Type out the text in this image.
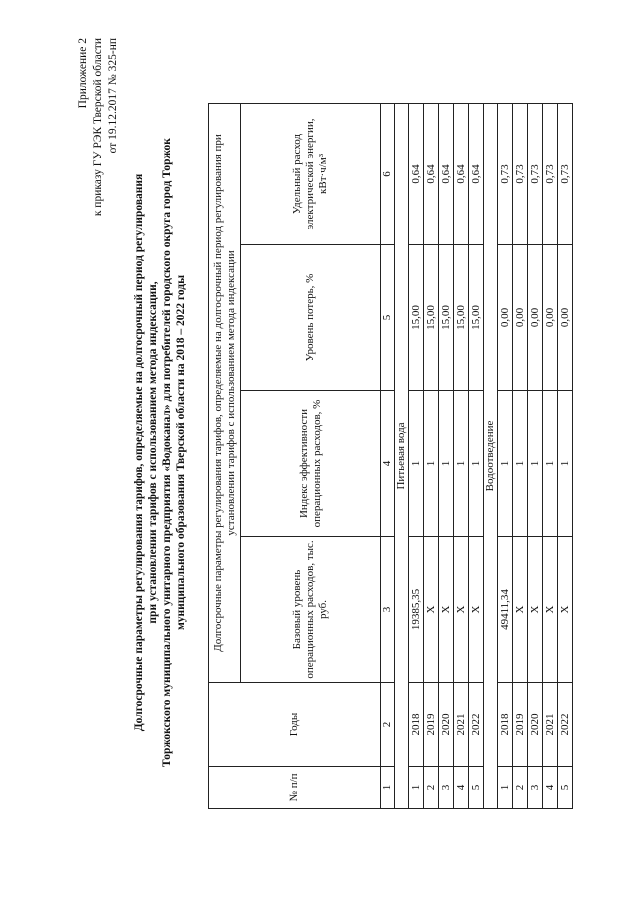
Приложение 2 к приказу ГУ РЭК Тверской области от 19.12.2017 № 325-нп
Долгосрочные параметры регулирования тарифов, определяемые на долгосрочный период регулирования при установлении тарифов с использованием метода индексации, Торжокского муниципального унитарного предприятия «Водоканал» для потребителей городского округа город Торжок муниципального образования Тверской области на 2018 – 2022 годы
№ п/п	Годы	Долгосрочные параметры регулирования тарифов, определяемые на долгосрочный период регулирования при установлении тарифов с использованием метода индексации			
		Базовый уровень операционных расходов, тыс. руб.	Индекс эффективности операционных расходов, %	Уровень потерь, %	Удельный расход электрической энергии, кВт·ч/м³
1	2	3	4	5	6
Питьевая вода					
1	2018	19385,35	1	15,00	0,64
2	2019	Х	1	15,00	0,64
3	2020	Х	1	15,00	0,64
4	2021	Х	1	15,00	0,64
5	2022	Х	1	15,00	0,64
Водоотведение					
1	2018	49411,34	1	0,00	0,73
2	2019	Х	1	0,00	0,73
3	2020	Х	1	0,00	0,73
4	2021	Х	1	0,00	0,73
5	2022	Х	1	0,00	0,73
